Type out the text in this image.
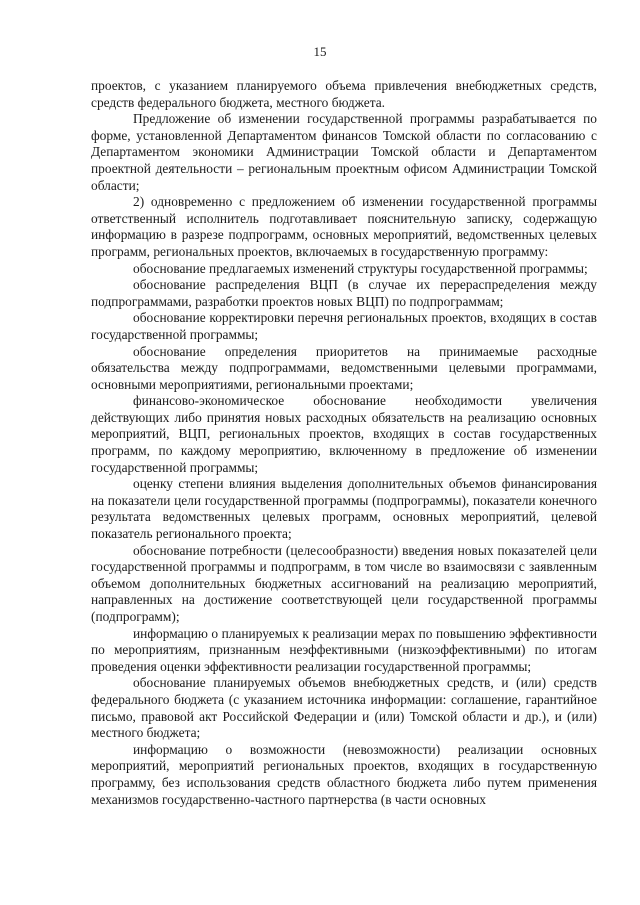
15

проектов, с указанием планируемого объема привлечения внебюджетных средств, средств федерального бюджета, местного бюджета.

Предложение об изменении государственной программы разрабатывается по форме, установленной Департаментом финансов Томской области по согласованию с Департаментом экономики Администрации Томской области и Департаментом проектной деятельности – региональным проектным офисом Администрации Томской области;

2) одновременно с предложением об изменении государственной программы ответственный исполнитель подготавливает пояснительную записку, содержащую информацию в разрезе подпрограмм, основных мероприятий, ведомственных целевых программ, региональных проектов, включаемых в государственную программу:

обоснование предлагаемых изменений структуры государственной программы;

обоснование распределения ВЦП (в случае их перераспределения между подпрограммами, разработки проектов новых ВЦП) по подпрограммам;

обоснование корректировки перечня региональных проектов, входящих в состав государственной программы;

обоснование определения приоритетов на принимаемые расходные обязательства между подпрограммами, ведомственными целевыми программами, основными мероприятиями, региональными проектами;

финансово-экономическое обоснование необходимости увеличения действующих либо принятия новых расходных обязательств на реализацию основных мероприятий, ВЦП, региональных проектов, входящих в состав государственных программ, по каждому мероприятию, включенному в предложение об изменении государственной программы;

оценку степени влияния выделения дополнительных объемов финансирования на показатели цели государственной программы (подпрограммы), показатели конечного результата ведомственных целевых программ, основных мероприятий, целевой показатель регионального проекта;

обоснование потребности (целесообразности) введения новых показателей цели государственной программы и подпрограмм, в том числе во взаимосвязи с заявленным объемом дополнительных бюджетных ассигнований на реализацию мероприятий, направленных на достижение соответствующей цели государственной программы (подпрограмм);

информацию о планируемых к реализации мерах по повышению эффективности по мероприятиям, признанным неэффективными (низкоэффективными) по итогам проведения оценки эффективности реализации государственной программы;

обоснование планируемых объемов внебюджетных средств, и (или) средств федерального бюджета (с указанием источника информации: соглашение, гарантийное письмо, правовой акт Российской Федерации и (или) Томской области и др.), и (или) местного бюджета;

информацию о возможности (невозможности) реализации основных мероприятий, мероприятий региональных проектов, входящих в государственную программу, без использования средств областного бюджета либо путем применения механизмов государственно-частного партнерства (в части основных
